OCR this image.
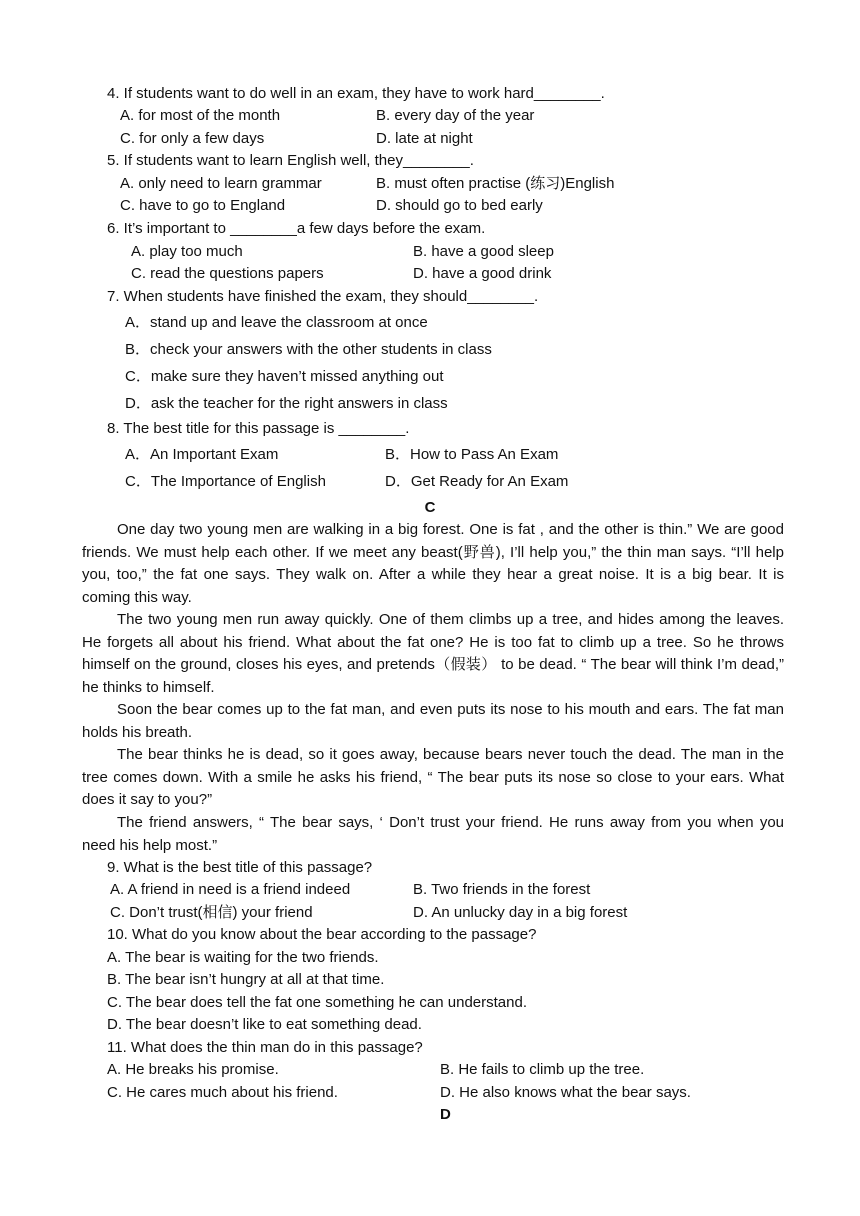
4. If students want to do well in an exam, they have to work hard________.
A. for most of the month	B. every day of the year
C. for only a few days	D. late at night
5. If students want to learn English well, they________.
A. only need to learn grammar	B. must often practise (练习)English
C. have to go to England	D. should go to bed early
6. It’s important to ________a few days before the exam.
A. play too much	B. have a good sleep
C. read the questions papers	D. have a good drink
7. When students have finished the exam, they should________.
A．stand up and leave the classroom at once
B．check your answers with the other students in class
C．make sure they haven’t missed anything out
D．ask the teacher for the right answers in class
8. The best title for this passage is ________.
A．An Important Exam	B．How to Pass An Exam
C．The Importance of English	D．Get Ready for An Exam
C
One day two young men are walking in a big forest. One is fat , and the other is thin.” We are good friends. We must help each other. If we meet any beast(野兽), I’ll help you,” the thin man says. “I’ll help you, too,” the fat one says. They walk on. After a while they hear a great noise. It is a big bear. It is coming this way.
The two young men run away quickly. One of them climbs up a tree, and hides among the leaves. He forgets all about his friend. What about the fat one? He is too fat to climb up a tree. So he throws himself on the ground, closes his eyes, and pretends（假装） to be dead. “ The bear will think I’m dead,” he thinks to himself.
Soon the bear comes up to the fat man, and even puts its nose to his mouth and ears. The fat man holds his breath.
The bear thinks he is dead, so it goes away, because bears never touch the dead. The man in the tree comes down. With a smile he asks his friend, “ The bear puts its nose so close to your ears. What does it say to you?”
The friend answers, “ The bear says, ‘ Don’t trust your friend. He runs away from you when you need his help most.”
9. What is the best title of this passage?
A. A friend in need is a friend indeed	B. Two friends in the forest
C. Don’t trust(相信) your friend	D. An unlucky day in a big forest
10. What do you know about the bear according to the passage?
A. The bear is waiting for the two friends.
B. The bear isn’t hungry at all at that time.
C. The bear does tell the fat one something he can understand.
D. The bear doesn’t like to eat something dead.
11. What does the thin man do in this passage?
A. He breaks his promise.	B. He fails to climb up the tree.
C. He cares much about his friend.	D. He also knows what the bear says.
D
